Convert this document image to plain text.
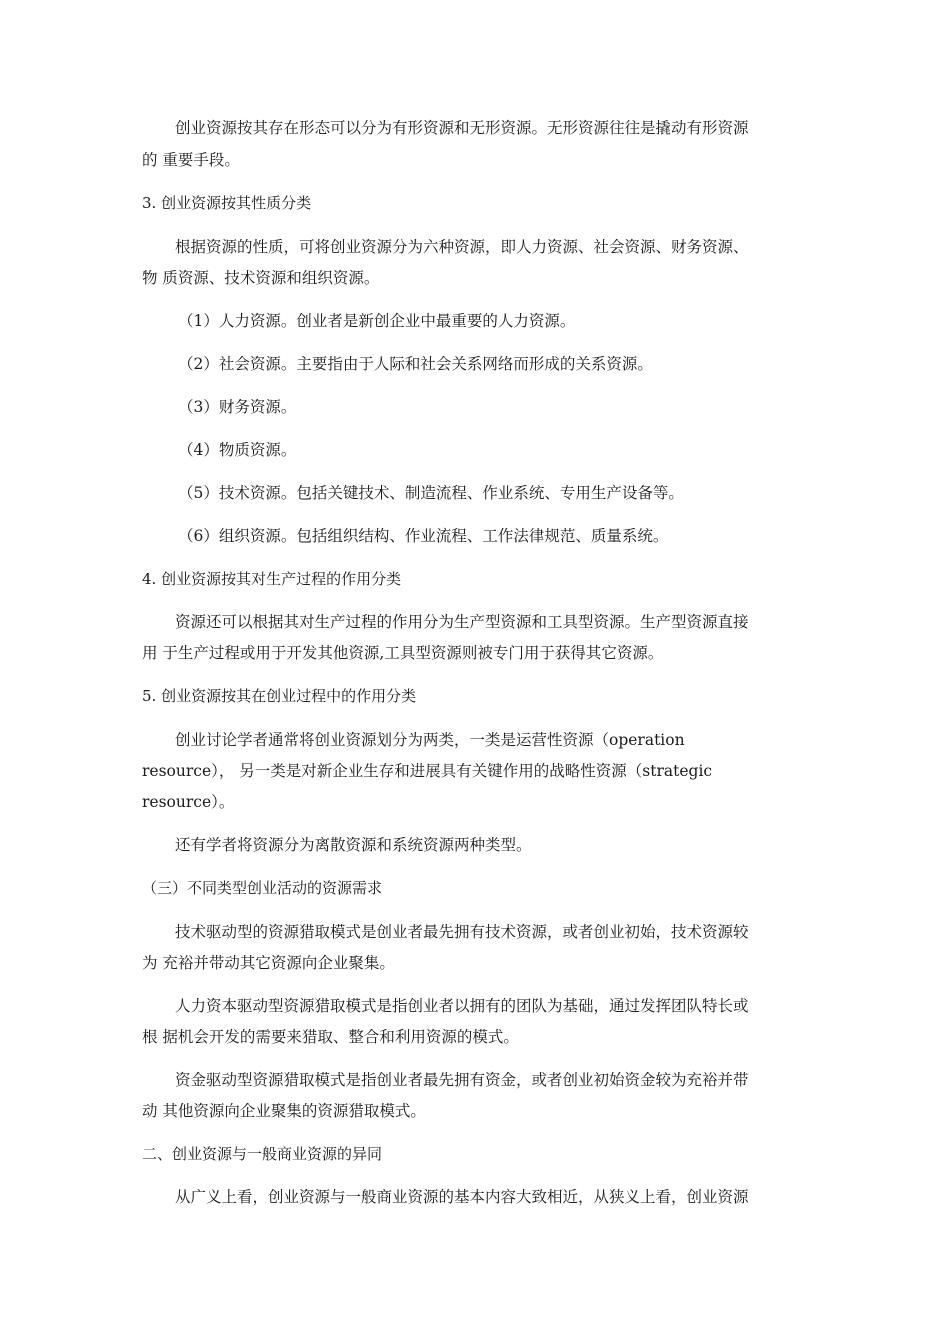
创业资源按其存在形态可以分为有形资源和无形资源。无形资源往往是撬动有形资源
的 重要手段。
3. 创业资源按其性质分类
根据资源的性质，可将创业资源分为六种资源，即人力资源、社会资源、财务资源、
物 质资源、技术资源和组织资源。
（1）人力资源。创业者是新创企业中最重要的人力资源。
（2）社会资源。主要指由于人际和社会关系网络而形成的关系资源。
（3）财务资源。
（4）物质资源。
（5）技术资源。包括关键技术、制造流程、作业系统、专用生产设备等。
（6）组织资源。包括组织结构、作业流程、工作法律规范、质量系统。
4. 创业资源按其对生产过程的作用分类
资源还可以根据其对生产过程的作用分为生产型资源和工具型资源。生产型资源直接
用 于生产过程或用于开发其他资源,工具型资源则被专门用于获得其它资源。
5. 创业资源按其在创业过程中的作用分类
创业讨论学者通常将创业资源划分为两类，一类是运营性资源（operation
resource）， 另一类是对新企业生存和进展具有关键作用的战略性资源（strategic
resource）。
还有学者将资源分为离散资源和系统资源两种类型。
（三）不同类型创业活动的资源需求
技术驱动型的资源猎取模式是创业者最先拥有技术资源，或者创业初始，技术资源较
为 充裕并带动其它资源向企业聚集。
人力资本驱动型资源猎取模式是指创业者以拥有的团队为基础，通过发挥团队特长或
根 据机会开发的需要来猎取、整合和利用资源的模式。
资金驱动型资源猎取模式是指创业者最先拥有资金，或者创业初始资金较为充裕并带
动 其他资源向企业聚集的资源猎取模式。
二、创业资源与一般商业资源的异同
从广义上看，创业资源与一般商业资源的基本内容大致相近，从狭义上看，创业资源
